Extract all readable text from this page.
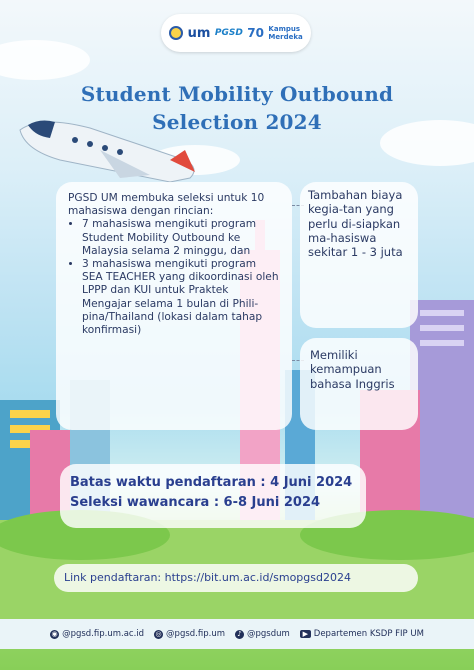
um PGSD 70 Kampus
Merdeka
Student Mobility Outbound
Selection 2024
PGSD UM membuka seleksi untuk 10 mahasiswa dengan rincian:
• 7 mahasiswa mengikuti program Student Mobility Outbound ke Malaysia selama 2 minggu, dan
• 3 mahasiswa mengikuti program SEA TEACHER yang dikoordinasi oleh LPPP dan KUI untuk Praktek Mengajar selama 1 bulan di Phili-pina/Thailand (lokasi dalam tahap konfirmasi)
Tambahan biaya kegia-tan yang perlu di-siapkan ma-hasiswa sekitar 1 - 3 juta
Memiliki kemampuan bahasa Inggris
Batas waktu pendaftaran : 4 Juni 2024
Seleksi wawancara : 6-8 Juni 2024
Link pendaftaran: https://bit.um.ac.id/smopgsd2024
◉ @pgsd.fip.um.ac.id ◎ @pgsd.fip.um	♪ @pgsdum	▶ Departemen KSDP FIP UM
